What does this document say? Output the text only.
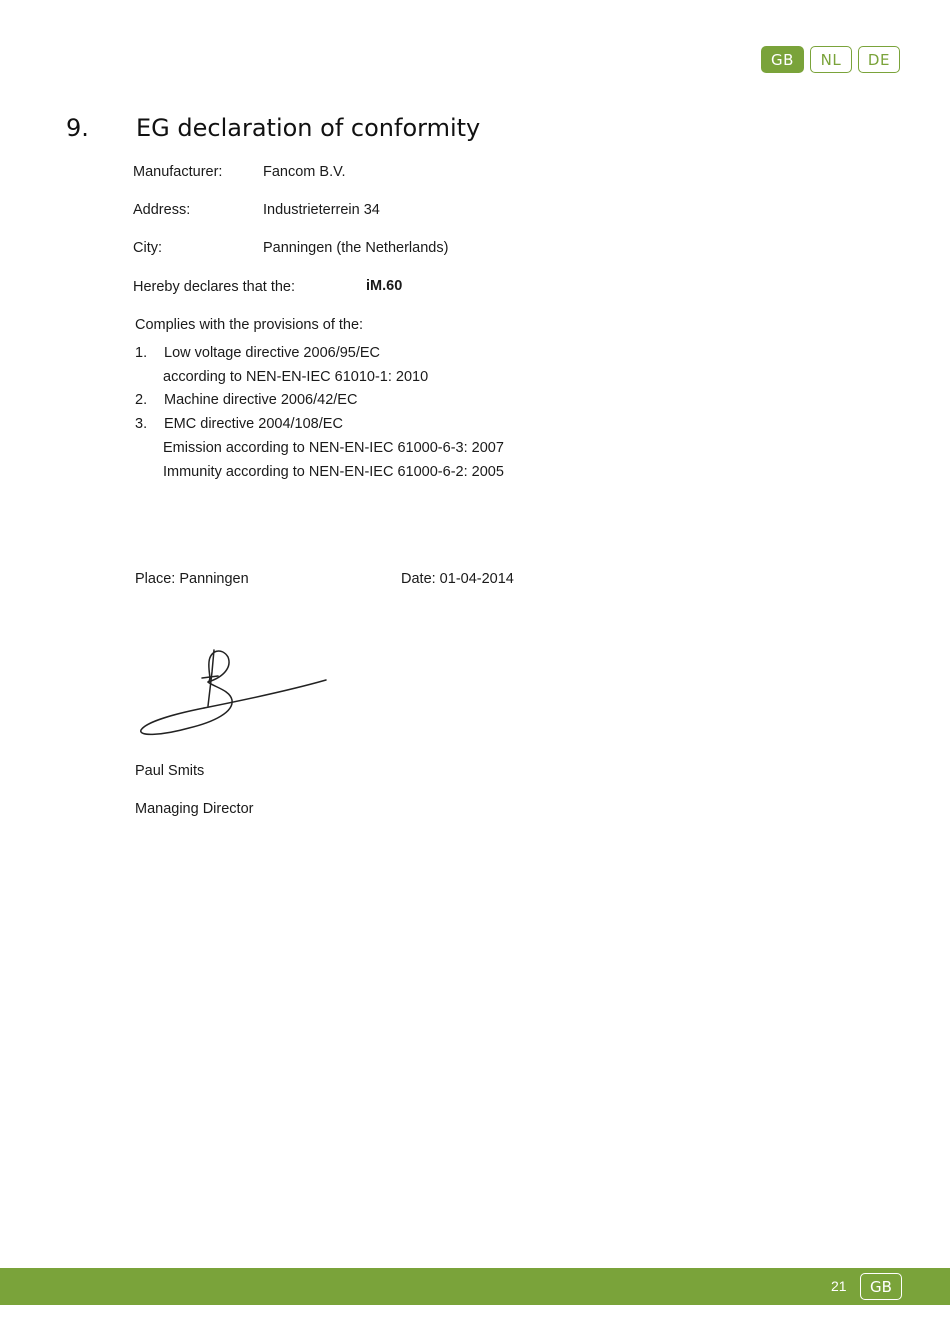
GB	NL	DE
9. EG declaration of conformity
Manufacturer:	Fancom B.V.
Address:	Industrieterrein 34
City:	Panningen (the Netherlands)
Hereby declares that the:	iM.60
Complies with the provisions of the:
1. Low voltage directive 2006/95/EC
according to NEN-EN-IEC 61010-1: 2010
2. Machine directive 2006/42/EC
3. EMC directive 2004/108/EC
Emission according to NEN-EN-IEC 61000-6-3: 2007
Immunity according to NEN-EN-IEC 61000-6-2: 2005
Place: Panningen	Date: 01-04-2014
Paul Smits
Managing Director
21	GB
